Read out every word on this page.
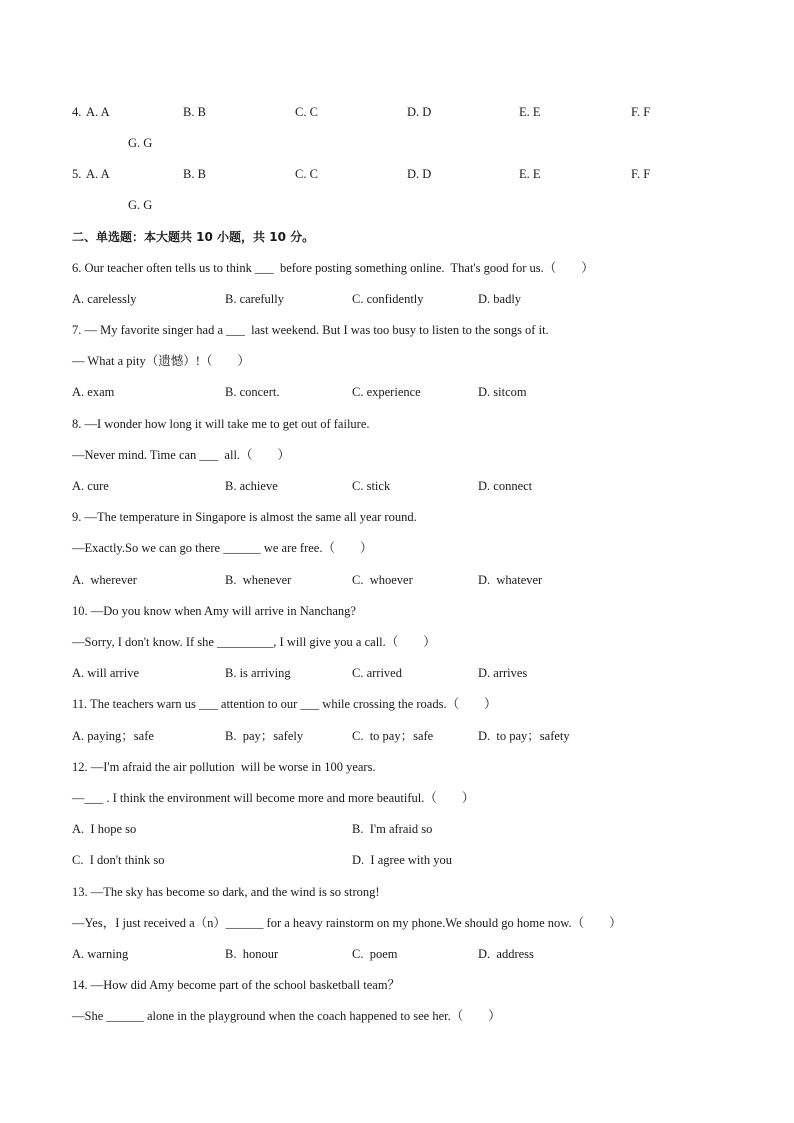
4. A. A	B. B	C. C	D. D	E. E	F. F
G. G
5. A. A	B. B	C. C	D. D	E. E	F. F
G. G
二、单选题：本大题共 10 小题，共 10 分。
6. Our teacher often tells us to think ___  before posting something online.  That's good for us.（        ）
A. carelessly	B. carefully	C. confidently	D. badly
7. — My favorite singer had a ___  last weekend. But I was too busy to listen to the songs of it.
— What a pity（遗憾）!（        ）
A. exam	B. concert.	C. experience	D. sitcom
8. —I wonder how long it will take me to get out of failure.
—Never mind. Time can ___  all.（        ）
A. cure	B. achieve	C. stick	D. connect
9. —The temperature in Singapore is almost the same all year round.
—Exactly.So we can go there ______ we are free.（        ）
A.  wherever	B.  whenever	C.  whoever	D.  whatever
10. —Do you know when Amy will arrive in Nanchang?
—Sorry, I don't know. If she _________, I will give you a call.（        ）
A. will arrive	B. is arriving	C. arrived	D. arrives
11. The teachers warn us ___ attention to our ___ while crossing the roads.（        ）
A. paying；safe	B.  pay；safely	C.  to pay；safe	D.  to pay；safety
12. —I'm afraid the air pollution  will be worse in 100 years.
—___ . I think the environment will become more and more beautiful.（        ）
A.  I hope so	B.  I'm afraid so
C.  I don't think so	D.  I agree with you
13. —The sky has become so dark, and the wind is so strong!
—Yes，I just received a（n）______ for a heavy rainstorm on my phone.We should go home now.（        ）
A. warning	B.  honour	C.  poem	D.  address
14. —How did Amy become part of the school basketball team？
—She ______ alone in the playground when the coach happened to see her.（        ）
